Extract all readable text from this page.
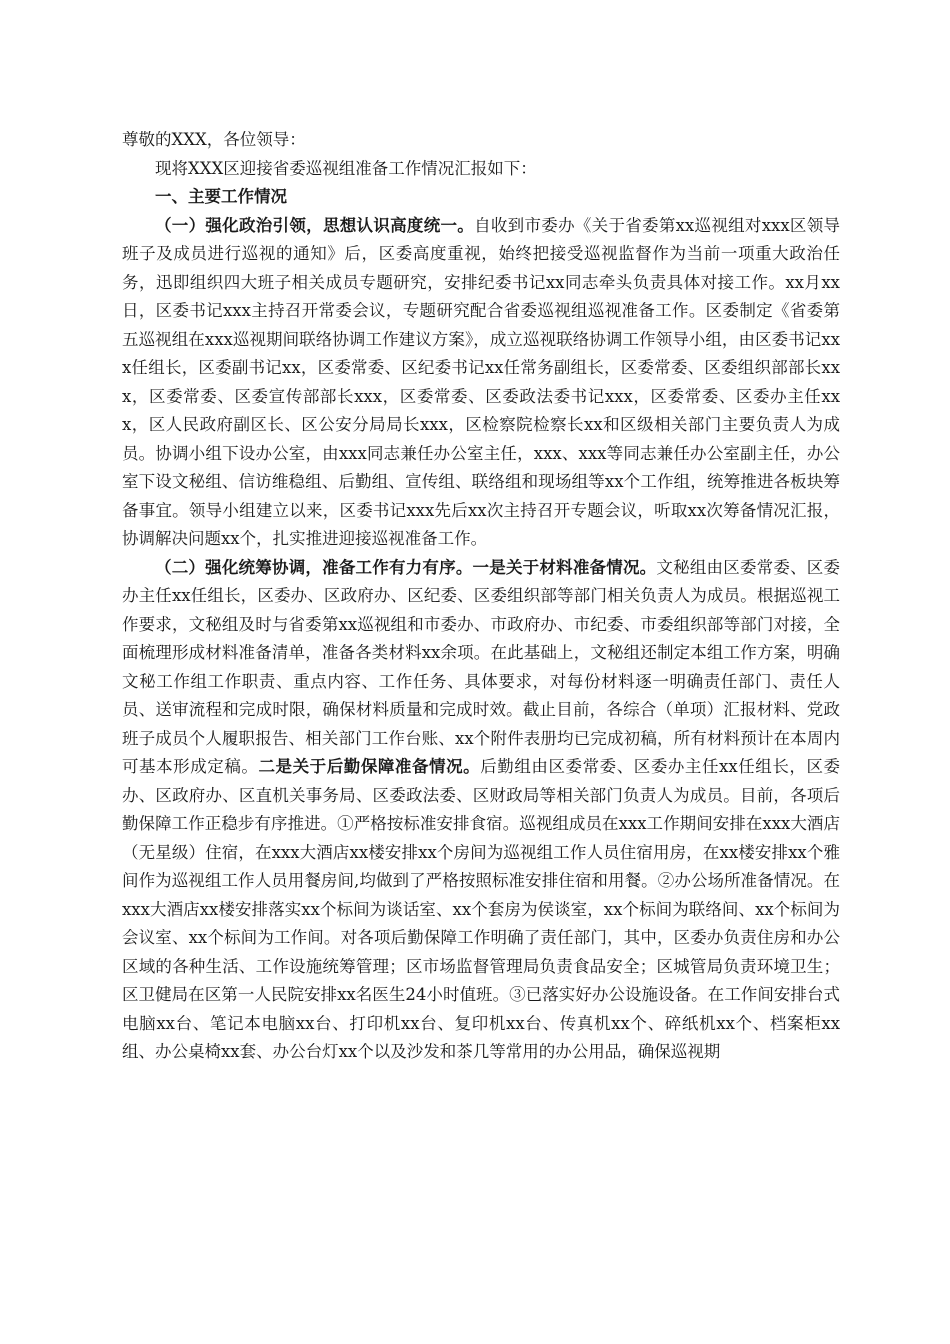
尊敬的XXX，各位领导：

现将XXX区迎接省委巡视组准备工作情况汇报如下：

一、主要工作情况

（一）强化政治引领，思想认识高度统一。自收到市委办《关于省委第xx巡视组对xxx区领导班子及成员进行巡视的通知》后，区委高度重视，始终把接受巡视监督作为当前一项重大政治任务，迅即组织四大班子相关成员专题研究，安排纪委书记xx同志牵头负责具体对接工作。xx月xx日，区委书记xxx主持召开常委会议，专题研究配合省委巡视组巡视准备工作。区委制定《省委第五巡视组在xxx巡视期间联络协调工作建议方案》，成立巡视联络协调工作领导小组，由区委书记xxx任组长，区委副书记xx，区委常委、区纪委书记xx任常务副组长，区委常委、区委组织部部长xxx，区委常委、区委宣传部部长xxx，区委常委、区委政法委书记xxx，区委常委、区委办主任xxx，区人民政府副区长、区公安分局局长xxx，区检察院检察长xx和区级相关部门主要负责人为成员。协调小组下设办公室，由xxx同志兼任办公室主任，xxx、xxx等同志兼任办公室副主任，办公室下设文秘组、信访维稳组、后勤组、宣传组、联络组和现场组等xx个工作组，统筹推进各板块筹备事宜。领导小组建立以来，区委书记xxx先后xx次主持召开专题会议，听取xx次筹备情况汇报，协调解决问题xx个，扎实推进迎接巡视准备工作。

（二）强化统筹协调，准备工作有力有序。一是关于材料准备情况。文秘组由区委常委、区委办主任xx任组长，区委办、区政府办、区纪委、区委组织部等部门相关负责人为成员。根据巡视工作要求，文秘组及时与省委第xx巡视组和市委办、市政府办、市纪委、市委组织部等部门对接，全面梳理形成材料准备清单，准备各类材料xx余项。在此基础上，文秘组还制定本组工作方案，明确文秘工作组工作职责、重点内容、工作任务、具体要求，对每份材料逐一明确责任部门、责任人员、送审流程和完成时限，确保材料质量和完成时效。截止目前，各综合（单项）汇报材料、党政班子成员个人履职报告、相关部门工作台账、xx个附件表册均已完成初稿，所有材料预计在本周内可基本形成定稿。二是关于后勤保障准备情况。后勤组由区委常委、区委办主任xx任组长，区委办、区政府办、区直机关事务局、区委政法委、区财政局等相关部门负责人为成员。目前，各项后勤保障工作正稳步有序推进。①严格按标准安排食宿。巡视组成员在xxx工作期间安排在xxx大酒店（无星级）住宿，在xxx大酒店xx楼安排xx个房间为巡视组工作人员住宿用房，在xx楼安排xx个雅间作为巡视组工作人员用餐房间,均做到了严格按照标准安排住宿和用餐。②办公场所准备情况。在xxx大酒店xx楼安排落实xx个标间为谈话室、xx个套房为侯谈室，xx个标间为联络间、xx个标间为会议室、xx个标间为工作间。对各项后勤保障工作明确了责任部门，其中，区委办负责住房和办公区域的各种生活、工作设施统筹管理；区市场监督管理局负责食品安全；区城管局负责环境卫生；区卫健局在区第一人民院安排xx名医生24小时值班。③已落实好办公设施设备。在工作间安排台式电脑xx台、笔记本电脑xx台、打印机xx台、复印机xx台、传真机xx个、碎纸机xx个、档案柜xx组、办公桌椅xx套、办公台灯xx个以及沙发和茶几等常用的办公用品，确保巡视期
